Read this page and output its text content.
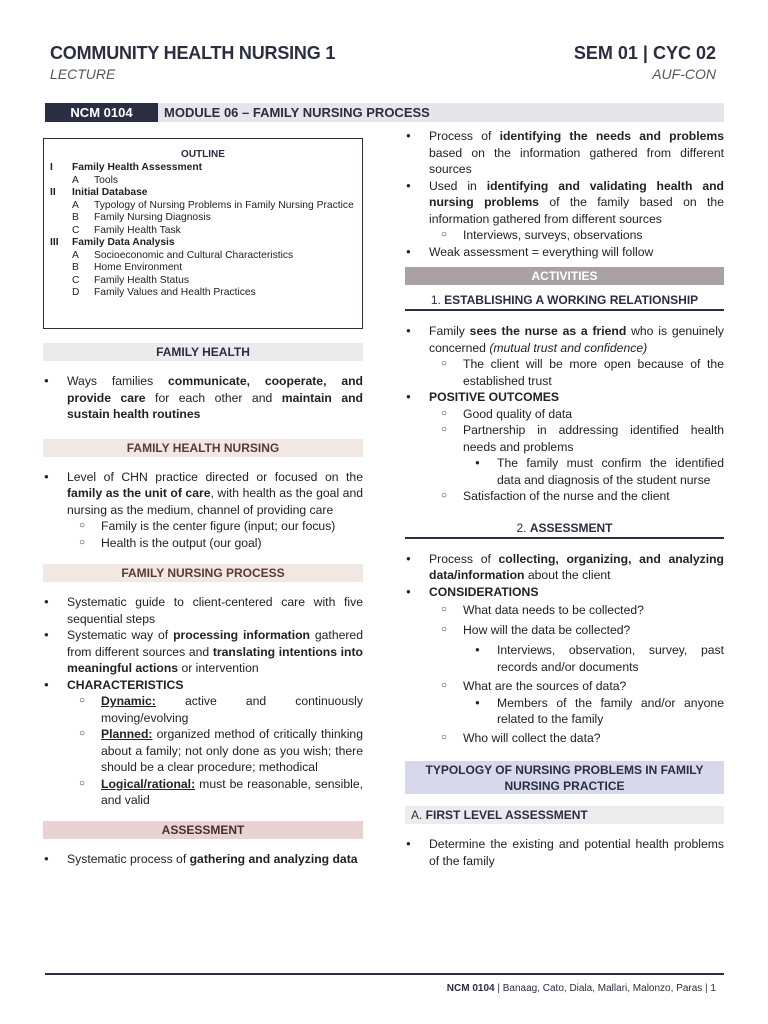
COMMUNITY HEALTH NURSING 1
LECTURE
SEM 01 | CYC 02
AUF-CON
NCM 0104	MODULE 06 – FAMILY NURSING PROCESS
OUTLINE
I	Family Health Assessment
A	Tools
II	Initial Database
A	Typology of Nursing Problems in Family Nursing Practice
B	Family Nursing Diagnosis
C	Family Health Task
III	Family Data Analysis
A	Socioeconomic and Cultural Characteristics
B	Home Environment
C	Family Health Status
D	Family Values and Health Practices
FAMILY HEALTH
● Ways families communicate, cooperate, and provide care for each other and maintain and sustain health routines
FAMILY HEALTH NURSING
● Level of CHN practice directed or focused on the family as the unit of care, with health as the goal and nursing as the medium, channel of providing care
○ Family is the center figure (input; our focus)
○ Health is the output (our goal)
FAMILY NURSING PROCESS
● Systematic guide to client-centered care with five sequential steps
● Systematic way of processing information gathered from different sources and translating intentions into meaningful actions or intervention
● CHARACTERISTICS
○ Dynamic: active and continuously moving/evolving
○ Planned: organized method of critically thinking about a family; not only done as you wish; there should be a clear procedure; methodical
○ Logical/rational: must be reasonable, sensible, and valid
ASSESSMENT
● Systematic process of gathering and analyzing data
● Process of identifying the needs and problems based on the information gathered from different sources
● Used in identifying and validating health and nursing problems of the family based on the information gathered from different sources
○ Interviews, surveys, observations
● Weak assessment = everything will follow
ACTIVITIES
1. ESTABLISHING A WORKING RELATIONSHIP
● Family sees the nurse as a friend who is genuinely concerned (mutual trust and confidence)
○ The client will be more open because of the established trust
● POSITIVE OUTCOMES
○ Good quality of data
○ Partnership in addressing identified health needs and problems
● The family must confirm the identified data and diagnosis of the student nurse
○ Satisfaction of the nurse and the client
2. ASSESSMENT
● Process of collecting, organizing, and analyzing data/information about the client
● CONSIDERATIONS
○ What data needs to be collected?
○ How will the data be collected?
● Interviews, observation, survey, past records and/or documents
○ What are the sources of data?
● Members of the family and/or anyone related to the family
○ Who will collect the data?
TYPOLOGY OF NURSING PROBLEMS IN FAMILY NURSING PRACTICE
A. FIRST LEVEL ASSESSMENT
● Determine the existing and potential health problems of the family
NCM 0104 | Banaag, Cato, Diala, Mallari, Malonzo, Paras | 1
